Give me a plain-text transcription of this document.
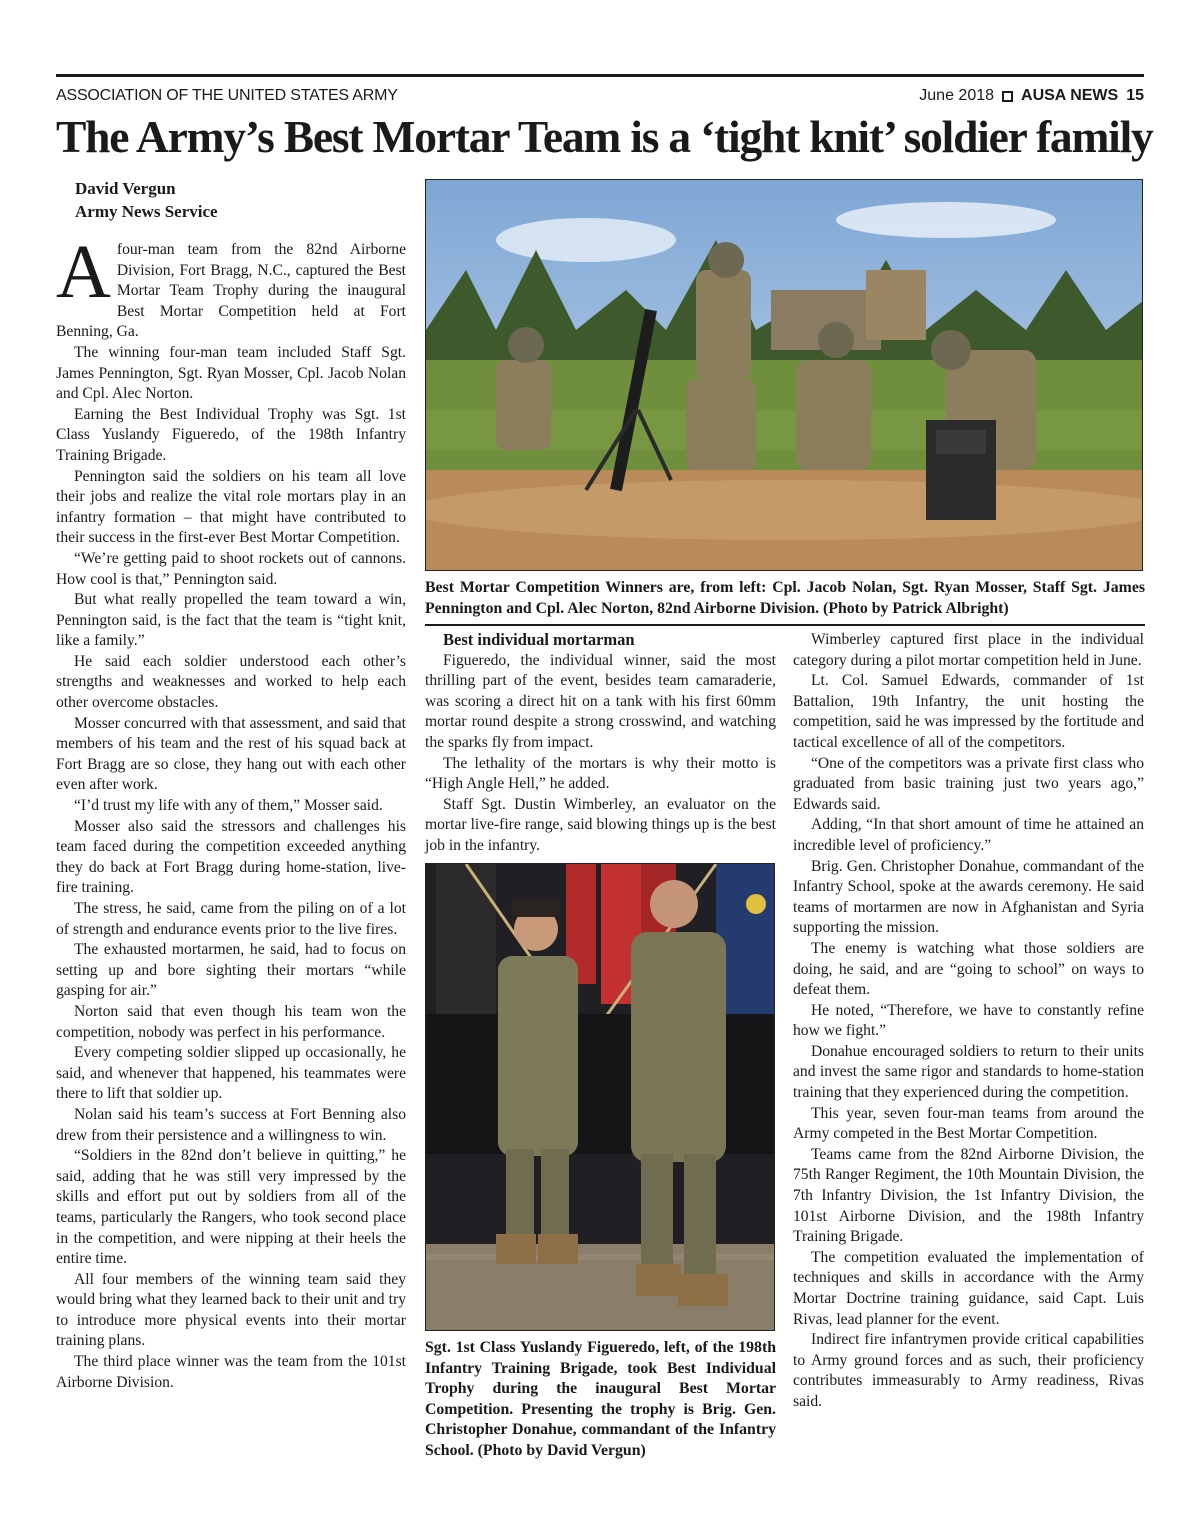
ASSOCIATION OF THE UNITED STATES ARMY	June 2018 AUSA NEWS 15
The Army’s Best Mortar Team is a ‘tight knit’ soldier family
David Vergun
Army News Service

Afour-man team from the 82nd Airborne Division, Fort Bragg, N.C., captured the Best Mortar Team Trophy during the inaugural Best Mortar Competition held at Fort Benning, Ga.

The winning four-man team included Staff Sgt. James Pennington, Sgt. Ryan Mosser, Cpl. Jacob Nolan and Cpl. Alec Norton.

Earning the Best Individual Trophy was Sgt. 1st Class Yuslandy Figueredo, of the 198th Infantry Training Brigade.

Pennington said the soldiers on his team all love their jobs and realize the vital role mortars play in an infantry formation – that might have contributed to their success in the first-ever Best Mortar Competition.

“We’re getting paid to shoot rockets out of cannons. How cool is that,” Pennington said.

But what really propelled the team toward a win, Pennington said, is the fact that the team is “tight knit, like a family.”

He said each soldier understood each other’s strengths and weaknesses and worked to help each other overcome obstacles.

Mosser concurred with that assessment, and said that members of his team and the rest of his squad back at Fort Bragg are so close, they hang out with each other even after work.

“I’d trust my life with any of them,” Mosser said.

Mosser also said the stressors and challenges his team faced during the competition exceeded anything they do back at Fort Bragg during home-station, live-fire training.

The stress, he said, came from the piling on of a lot of strength and endurance events prior to the live fires.

The exhausted mortarmen, he said, had to focus on setting up and bore sighting their mortars “while gasping for air.”

Norton said that even though his team won the competition, nobody was perfect in his performance.

Every competing soldier slipped up occasionally, he said, and whenever that happened, his teammates were there to lift that soldier up.

Nolan said his team’s success at Fort Benning also drew from their persistence and a willingness to win.

“Soldiers in the 82nd don’t believe in quitting,” he said, adding that he was still very impressed by the skills and effort put out by soldiers from all of the teams, particularly the Rangers, who took second place in the competition, and were nipping at their heels the entire time.

All four members of the winning team said they would bring what they learned back to their unit and try to introduce more physical events into their mortar training plans.

The third place winner was the team from the 101st Airborne Division.

Best Mortar Competition Winners are, from left: Cpl. Jacob Nolan, Sgt. Ryan Mosser, Staff Sgt. James Pennington and Cpl. Alec Norton, 82nd Airborne Division. (Photo by Patrick Albright)

Best individual mortarman

Figueredo, the individual winner, said the most thrilling part of the event, besides team camaraderie, was scoring a direct hit on a tank with his first 60mm mortar round despite a strong crosswind, and watching the sparks fly from impact.

The lethality of the mortars is why their motto is “High Angle Hell,” he added.

Staff Sgt. Dustin Wimberley, an evaluator on the mortar live-fire range, said blowing things up is the best job in the infantry.

Sgt. 1st Class Yuslandy Figueredo, left, of the 198th Infantry Training Brigade, took Best Individual Trophy during the inaugural Best Mortar Competition. Presenting the trophy is Brig. Gen. Christopher Donahue, commandant of the Infantry School. (Photo by David Vergun)

Wimberley captured first place in the individual category during a pilot mortar competition held in June.

Lt. Col. Samuel Edwards, commander of 1st Battalion, 19th Infantry, the unit hosting the competition, said he was impressed by the fortitude and tactical excellence of all of the competitors.

“One of the competitors was a private first class who graduated from basic training just two years ago,” Edwards said.

Adding, “In that short amount of time he attained an incredible level of proficiency.”

Brig. Gen. Christopher Donahue, commandant of the Infantry School, spoke at the awards ceremony. He said teams of mortarmen are now in Afghanistan and Syria supporting the mission.

The enemy is watching what those soldiers are doing, he said, and are “going to school” on ways to defeat them.

He noted, “Therefore, we have to constantly refine how we fight.”

Donahue encouraged soldiers to return to their units and invest the same rigor and standards to home-station training that they experienced during the competition.

This year, seven four-man teams from around the Army competed in the Best Mortar Competition.

Teams came from the 82nd Airborne Division, the 75th Ranger Regiment, the 10th Mountain Division, the 7th Infantry Division, the 1st Infantry Division, the 101st Airborne Division, and the 198th Infantry Training Brigade.

The competition evaluated the implementation of techniques and skills in accordance with the Army Mortar Doctrine training guidance, said Capt. Luis Rivas, lead planner for the event.

Indirect fire infantrymen provide critical capabilities to Army ground forces and as such, their proficiency contributes immeasurably to Army readiness, Rivas said.
